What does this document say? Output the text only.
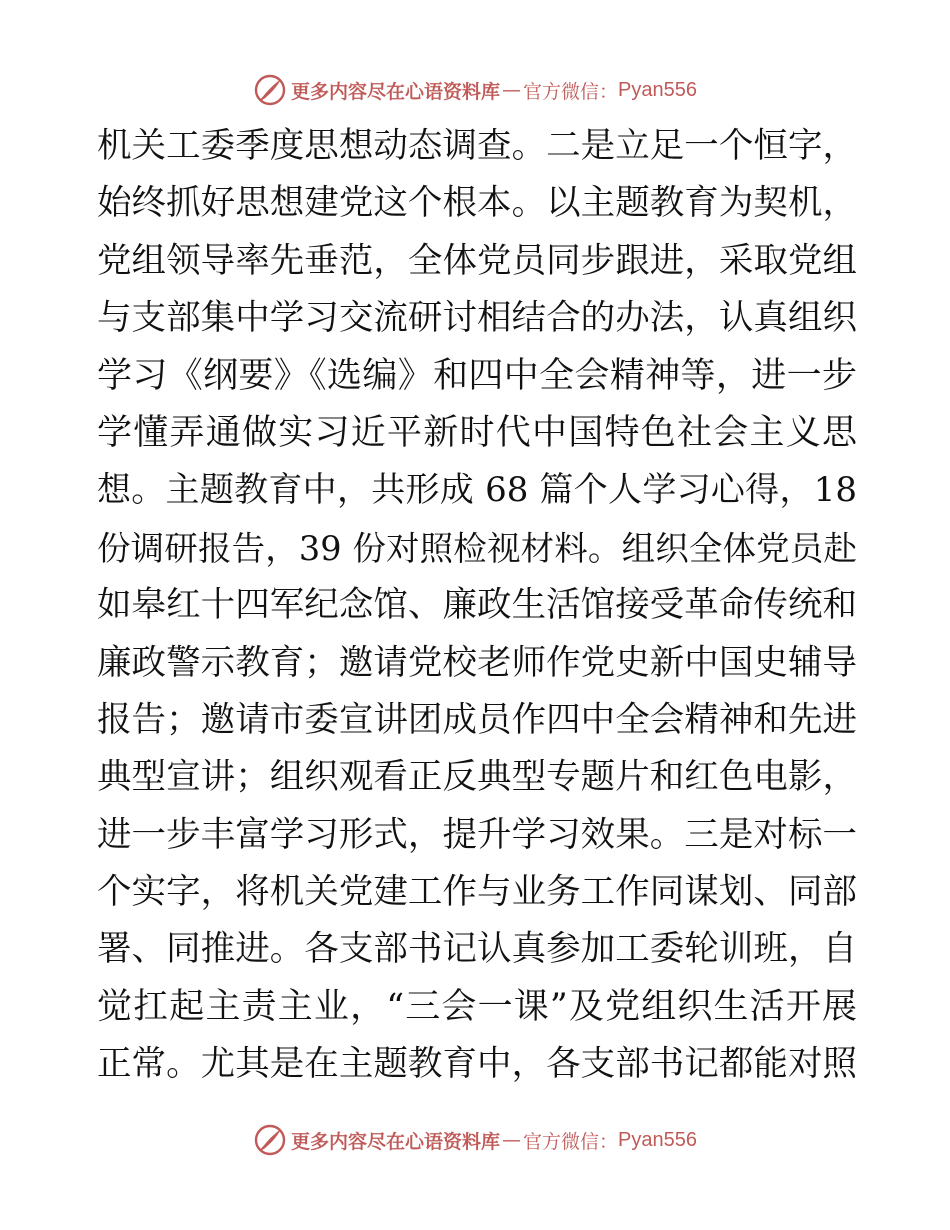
更多内容尽在心语资料库 — 官方微信： Pyan556
机关工委季度思想动态调查。二是立足一个恒字，
始终抓好思想建党这个根本。以主题教育为契机，
党组领导率先垂范，全体党员同步跟进，采取党组
与支部集中学习交流研讨相结合的办法，认真组织
学习《纲要》《选编》和四中全会精神等，进一步
学懂弄通做实习近平新时代中国特色社会主义思
想。主题教育中，共形成 68 篇个人学习心得，18
份调研报告，39 份对照检视材料。组织全体党员赴
如皋红十四军纪念馆、廉政生活馆接受革命传统和
廉政警示教育；邀请党校老师作党史新中国史辅导
报告；邀请市委宣讲团成员作四中全会精神和先进
典型宣讲；组织观看正反典型专题片和红色电影，
进一步丰富学习形式，提升学习效果。三是对标一
个实字，将机关党建工作与业务工作同谋划、同部
署、同推进。各支部书记认真参加工委轮训班，自
觉扛起主责主业，“三会一课”及党组织生活开展
正常。尤其是在主题教育中，各支部书记都能对照
更多内容尽在心语资料库 — 官方微信： Pyan556
